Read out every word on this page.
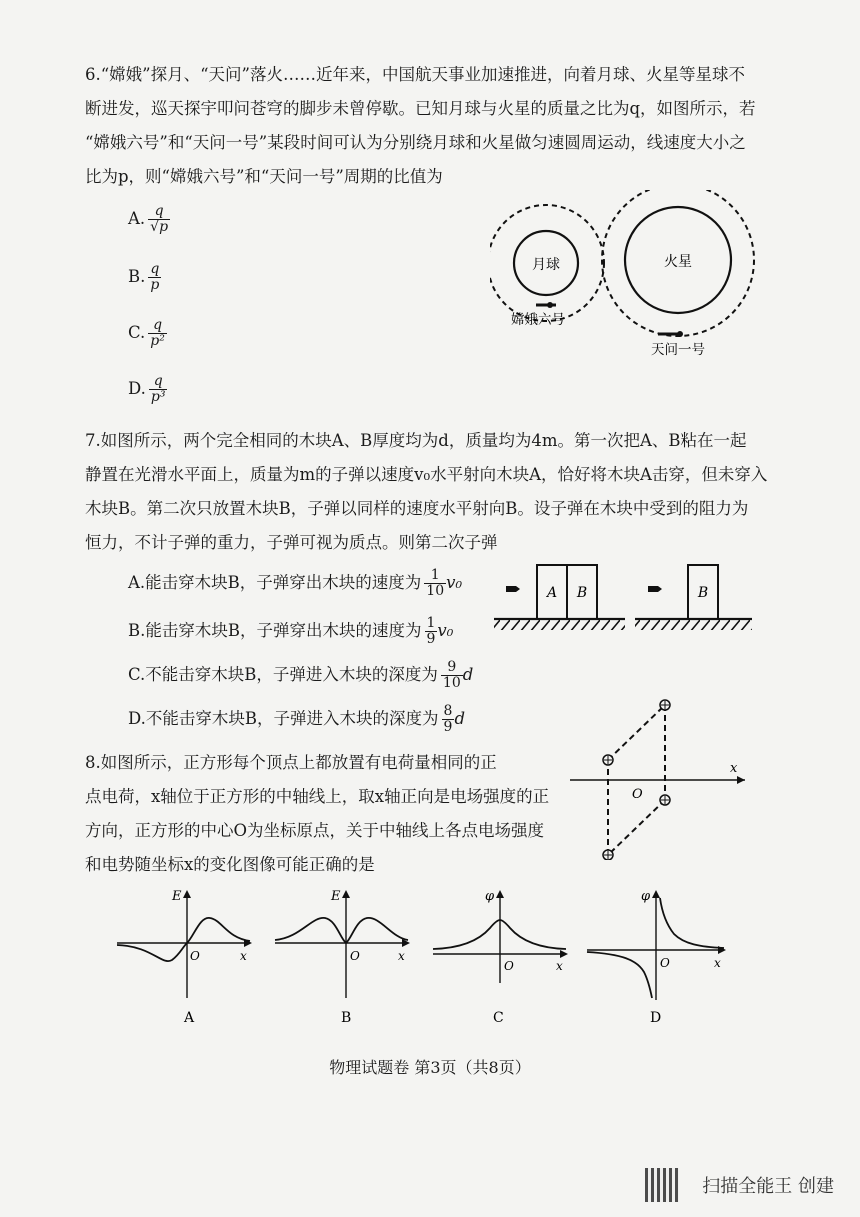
6.“嫦娥”探月、“天问”落火……近年来，中国航天事业加速推进，向着月球、火星等星球不
断进发，巡天探宇叩问苍穹的脚步未曾停歇。已知月球与火星的质量之比为q，如图所示，若
“嫦娥六号”和“天问一号”某段时间可认为分别绕月球和火星做匀速圆周运动，线速度大小之
比为p，则“嫦娥六号”和“天问一号”周期的比值为
A. $\frac{q}{√p}$
B. $\frac{q}{p}$
C. $\frac{q}{\text{p²}}$
D. $\frac{q}{\text{p³}}$
月球
嫦娥六号
火星
天问一号
7.如图所示，两个完全相同的木块A、B厚度均为d，质量均为4m。第一次把A、B粘在一起
静置在光滑水平面上，质量为m的子弹以速度v₀水平射向木块A，恰好将木块A击穿，但未穿入
木块B。第二次只放置木块B，子弹以同样的速度水平射向B。设子弹在木块中受到的阻力为
恒力，不计子弹的重力，子弹可视为质点。则第二次子弹
A.能击穿木块B，子弹穿出木块的速度为 $\frac{1}{10} v_0$
B.能击穿木块B，子弹穿出木块的速度为 $\frac{1}{9} v_0$
C.不能击穿木块B，子弹进入木块的深度为 $\frac{9}{10}$ d
D.不能击穿木块B，子弹进入木块的深度为 $\frac{8}{9}$ d
A B	B
8.如图所示，正方形每个顶点上都放置有电荷量相同的正
点电荷，x轴位于正方形的中轴线上，取x轴正向是电场强度的正
方向，正方形的中心O为坐标原点，关于中轴线上各点电场强度
和电势随坐标x的变化图像可能正确的是
x
O
E
O	x
A
E
O	x
B
φ
O	x
C
φ
O	x
D
物理试题卷 第3页（共8页）
扫描全能王 创建
